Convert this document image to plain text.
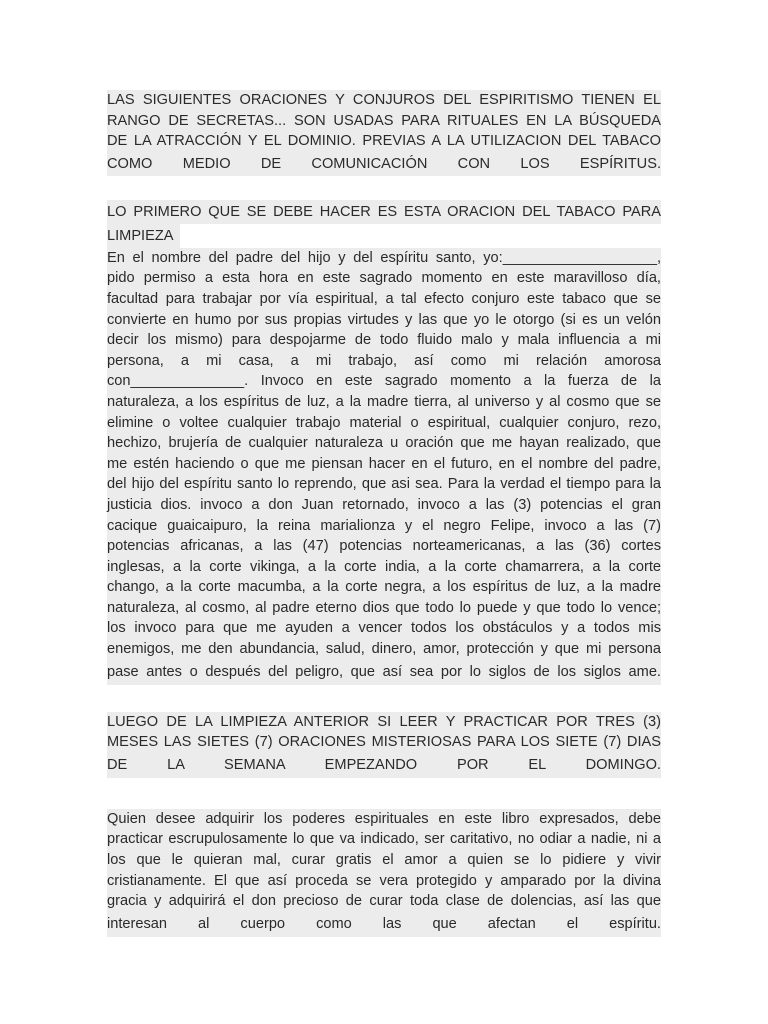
LAS SIGUIENTES ORACIONES Y CONJUROS DEL ESPIRITISMO TIENEN EL
RANGO DE SECRETAS... SON USADAS PARA RITUALES EN LA BÚSQUEDA
DE LA ATRACCIÓN Y EL DOMINIO. PREVIAS A LA UTILIZACION DEL TABACO
COMO MEDIO DE COMUNICACIÓN CON LOS ESPÍRITUS.
LO PRIMERO QUE SE DEBE HACER ES ESTA ORACION DEL TABACO PARA
LIMPIEZA
En el nombre del padre del hijo y del espíritu santo, yo:___________________,
pido permiso a esta hora en este sagrado momento en este maravilloso día,
facultad para trabajar por vía espiritual, a tal efecto conjuro este tabaco que se
convierte en humo por sus propias virtudes y las que yo le otorgo (si es un velón
decir los mismo) para despojarme de todo fluido malo y mala influencia a mi
persona, a mi casa, a mi trabajo, así como mi relación amorosa
con______________. Invoco en este sagrado momento a la fuerza de la
naturaleza, a los espíritus de luz, a la madre tierra, al universo y al cosmo que se
elimine o voltee cualquier trabajo material o espiritual, cualquier conjuro, rezo,
hechizo, brujería de cualquier naturaleza u oración que me hayan realizado, que
me estén haciendo o que me piensan hacer en el futuro, en el nombre del padre,
del hijo del espíritu santo lo reprendo, que asi sea. Para la verdad el tiempo para la
justicia dios. invoco a don Juan retornado, invoco a las (3) potencias el gran
cacique guaicaipuro, la reina marialionza y el negro Felipe, invoco a las (7)
potencias africanas, a las (47) potencias norteamericanas, a las (36) cortes
inglesas, a la corte vikinga, a la corte india, a la corte chamarrera, a la corte
chango, a la corte macumba, a la corte negra, a los espíritus de luz, a la madre
naturaleza, al cosmo, al padre eterno dios que todo lo puede y que todo lo vence;
los invoco para que me ayuden a vencer todos los obstáculos y a todos mis
enemigos, me den abundancia, salud, dinero, amor, protección y que mi persona
pase antes o después del peligro, que así sea por lo siglos de los siglos ame.
LUEGO DE LA LIMPIEZA ANTERIOR SI LEER Y PRACTICAR POR TRES (3)
MESES LAS SIETES (7) ORACIONES MISTERIOSAS PARA LOS SIETE (7) DIAS
DE LA SEMANA EMPEZANDO POR EL DOMINGO.
Quien desee adquirir los poderes espirituales en este libro expresados, debe
practicar escrupulosamente lo que va indicado, ser caritativo, no odiar a nadie, ni a
los que le quieran mal, curar gratis el amor a quien se lo pidiere y vivir
cristianamente. El que así proceda se vera protegido y amparado por la divina
gracia y adquirirá el don precioso de curar toda clase de dolencias, así las que
interesan al cuerpo como las que afectan el espíritu.
